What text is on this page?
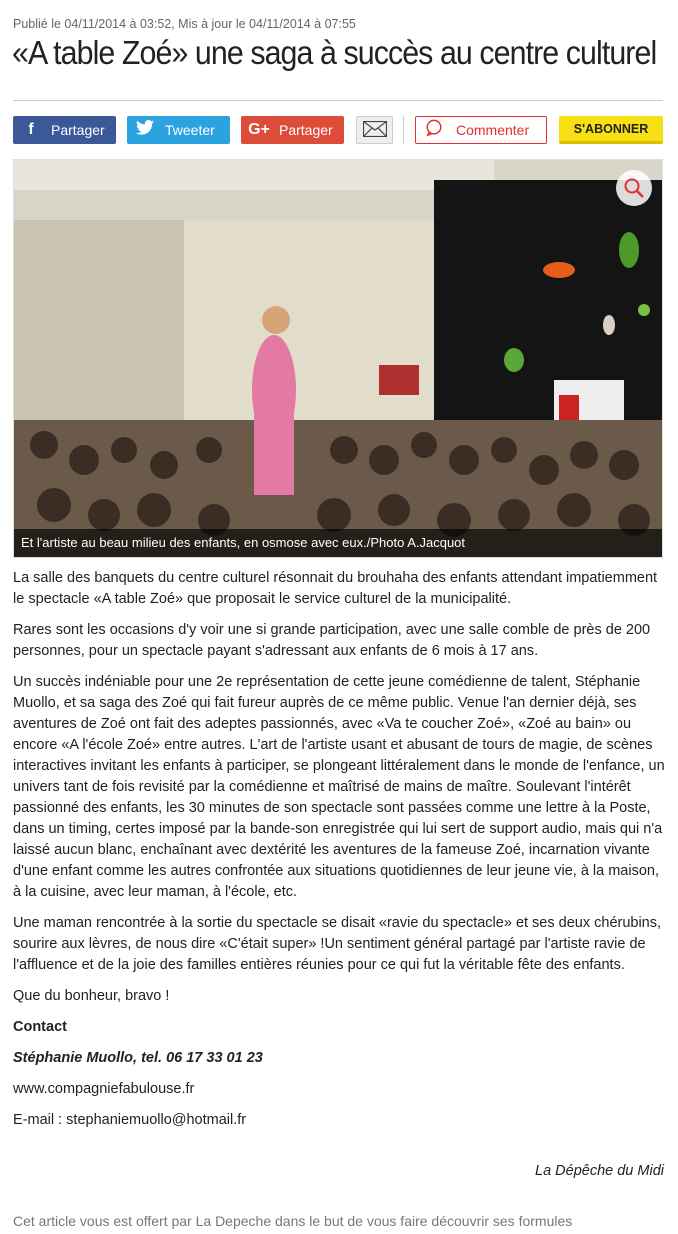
Publié le 04/11/2014 à 03:52, Mis à jour le 04/11/2014 à 07:55
«A table Zoé» une saga à succès au centre culturel
f	Partager	Tweeter G+ Partager	Commenter	S'ABONNER
Et l'artiste au beau milieu des enfants, en osmose avec eux./Photo A.Jacquot

La salle des banquets du centre culturel résonnait du brouhaha des enfants attendant impatiemment le spectacle «A table Zoé» que proposait le service culturel de la municipalité.

Rares sont les occasions d'y voir une si grande participation, avec une salle comble de près de 200 personnes, pour un spectacle payant s'adressant aux enfants de 6 mois à 17 ans.

Un succès indéniable pour une 2e représentation de cette jeune comédienne de talent, Stéphanie Muollo, et sa saga des Zoé qui fait fureur auprès de ce même public. Venue l'an dernier déjà, ses aventures de Zoé ont fait des adeptes passionnés, avec «Va te coucher Zoé», «Zoé au bain» ou encore «A l'école Zoé» entre autres. L'art de l'artiste usant et abusant de tours de magie, de scènes interactives invitant les enfants à participer, se plongeant littéralement dans le monde de l'enfance, un univers tant de fois revisité par la comédienne et maîtrisé de mains de maître. Soulevant l'intérêt passionné des enfants, les 30 minutes de son spectacle sont passées comme une lettre à la Poste, dans un timing, certes imposé par la bande-son enregistrée qui lui sert de support audio, mais qui n'a laissé aucun blanc, enchaînant avec dextérité les aventures de la fameuse Zoé, incarnation vivante d'une enfant comme les autres confrontée aux situations quotidiennes de leur jeune vie, à la maison, à la cuisine, avec leur maman, à l'école, etc.

Une maman rencontrée à la sortie du spectacle se disait «ravie du spectacle» et ses deux chérubins, sourire aux lèvres, de nous dire «C'était super» !Un sentiment général partagé par l'artiste ravie de l'affluence et de la joie des familles entières réunies pour ce qui fut la véritable fête des enfants.

Que du bonheur, bravo !

Contact

Stéphanie Muollo, tel. 06 17 33 01 23

www.compagniefabulouse.fr

E-mail : stephaniemuollo@hotmail.fr

La Dépêche du Midi
Cet article vous est offert par La Depeche dans le but de vous faire découvrir ses formules
